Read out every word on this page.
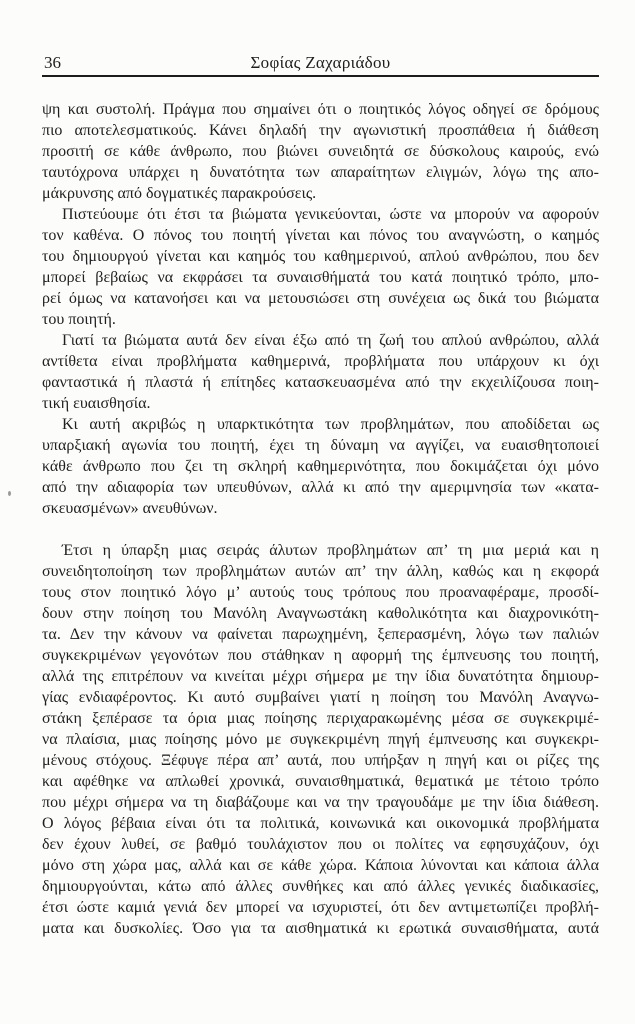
36	Σοφίας Ζαχαριάδου
ψη και συστολή. Πράγμα που σημαίνει ότι ο ποιητικός λόγος οδηγεί σε δρόμους
πιο αποτελεσματικούς. Κάνει δηλαδή την αγωνιστική προσπάθεια ή διάθεση
προσιτή σε κάθε άνθρωπο, που βιώνει συνειδητά σε δύσκολους καιρούς, ενώ
ταυτόχρονα υπάρχει η δυνατότητα των απαραίτητων ελιγμών, λόγω της απο-
μάκρυνσης από δογματικές παρακρούσεις.
Πιστεύουμε ότι έτσι τα βιώματα γενικεύονται, ώστε να μπορούν να αφορούν
τον καθένα. Ο πόνος του ποιητή γίνεται και πόνος του αναγνώστη, ο καημός
του δημιουργού γίνεται και καημός του καθημερινού, απλού ανθρώπου, που δεν
μπορεί βεβαίως να εκφράσει τα συναισθήματά του κατά ποιητικό τρόπο, μπο-
ρεί όμως να κατανοήσει και να μετουσιώσει στη συνέχεια ως δικά του βιώματα
του ποιητή.
Γιατί τα βιώματα αυτά δεν είναι έξω από τη ζωή του απλού ανθρώπου, αλλά
αντίθετα είναι προβλήματα καθημερινά, προβλήματα που υπάρχουν κι όχι
φανταστικά ή πλαστά ή επίτηδες κατασκευασμένα από την εκχειλίζουσα ποιη-
τική ευαισθησία.
Κι αυτή ακριβώς η υπαρκτικότητα των προβλημάτων, που αποδίδεται ως
υπαρξιακή αγωνία του ποιητή, έχει τη δύναμη να αγγίζει, να ευαισθητοποιεί
κάθε άνθρωπο που ζει τη σκληρή καθημερινότητα, που δοκιμάζεται όχι μόνο
από την αδιαφορία των υπευθύνων, αλλά κι από την αμεριμνησία των «κατα-
σκευασμένων» ανευθύνων.
Έτσι η ύπαρξη μιας σειράς άλυτων προβλημάτων απ’ τη μια μεριά και η
συνειδητοποίηση των προβλημάτων αυτών απ’ την άλλη, καθώς και η εκφορά
τους στον ποιητικό λόγο μ’ αυτούς τους τρόπους που προαναφέραμε, προσδί-
δουν στην ποίηση του Μανόλη Αναγνωστάκη καθολικότητα και διαχρονικότη-
τα. Δεν την κάνουν να φαίνεται παρωχημένη, ξεπερασμένη, λόγω των παλιών
συγκεκριμένων γεγονότων που στάθηκαν η αφορμή της έμπνευσης του ποιητή,
αλλά της επιτρέπουν να κινείται μέχρι σήμερα με την ίδια δυνατότητα δημιουρ-
γίας ενδιαφέροντος. Κι αυτό συμβαίνει γιατί η ποίηση του Μανόλη Αναγνω-
στάκη ξεπέρασε τα όρια μιας ποίησης περιχαρακωμένης μέσα σε συγκεκριμέ-
να πλαίσια, μιας ποίησης μόνο με συγκεκριμένη πηγή έμπνευσης και συγκεκρι-
μένους στόχους. Ξέφυγε πέρα απ’ αυτά, που υπήρξαν η πηγή και οι ρίζες της
και αφέθηκε να απλωθεί χρονικά, συναισθηματικά, θεματικά με τέτοιο τρόπο
που μέχρι σήμερα να τη διαβάζουμε και να την τραγουδάμε με την ίδια διάθεση.
Ο λόγος βέβαια είναι ότι τα πολιτικά, κοινωνικά και οικονομικά προβλήματα
δεν έχουν λυθεί, σε βαθμό τουλάχιστον που οι πολίτες να εφησυχάζουν, όχι
μόνο στη χώρα μας, αλλά και σε κάθε χώρα. Κάποια λύνονται και κάποια άλλα
δημιουργούνται, κάτω από άλλες συνθήκες και από άλλες γενικές διαδικασίες,
έτσι ώστε καμιά γενιά δεν μπορεί να ισχυριστεί, ότι δεν αντιμετωπίζει προβλή-
ματα και δυσκολίες. Όσο για τα αισθηματικά κι ερωτικά συναισθήματα, αυτά
